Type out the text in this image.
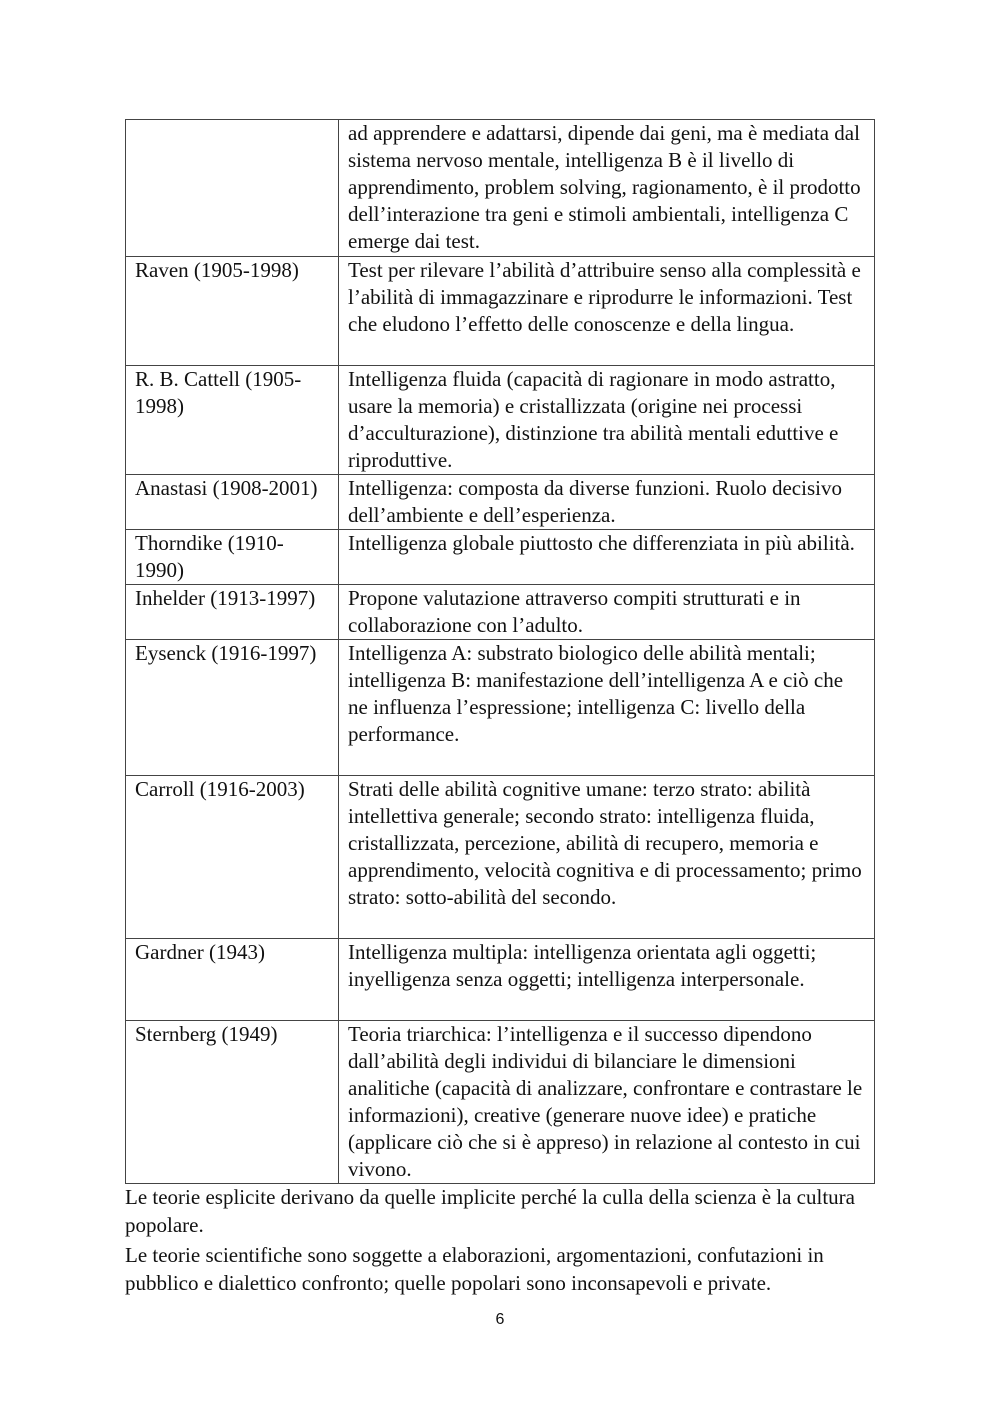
	ad apprendere e adattarsi, dipende dai geni, ma è mediata dal sistema nervoso mentale, intelligenza B è il livello di apprendimento, problem solving, ragionamento, è il prodotto dell’interazione tra geni e stimoli ambientali, intelligenza C emerge dai test.
Raven (1905-1998)	Test per rilevare l’abilità d’attribuire senso alla complessità e l’abilità di immagazzinare e riprodurre le informazioni. Test che eludono l’effetto delle conoscenze e della lingua.
R. B. Cattell (1905-1998)	Intelligenza fluida (capacità di ragionare in modo astratto, usare la memoria) e cristallizzata (origine nei processi d’acculturazione), distinzione tra abilità mentali eduttive e riproduttive.
Anastasi (1908-2001)	Intelligenza: composta da diverse funzioni. Ruolo decisivo dell’ambiente e dell’esperienza.
Thorndike (1910-1990)	Intelligenza globale piuttosto che differenziata in più abilità.
Inhelder (1913-1997)	Propone valutazione attraverso compiti strutturati e in collaborazione con l’adulto.
Eysenck (1916-1997)	Intelligenza A: substrato biologico delle abilità mentali; intelligenza B: manifestazione dell’intelligenza A e ciò che ne influenza l’espressione; intelligenza C: livello della performance.
Carroll (1916-2003)	Strati delle abilità cognitive umane: terzo strato: abilità intellettiva generale; secondo strato: intelligenza fluida, cristallizzata, percezione, abilità di recupero, memoria e apprendimento, velocità cognitiva e di processamento; primo strato: sotto-abilità del secondo.
Gardner (1943)	Intelligenza multipla: intelligenza orientata agli oggetti; inyelligenza senza oggetti; intelligenza interpersonale.
Sternberg (1949)	Teoria triarchica: l’intelligenza e il successo dipendono dall’abilità degli individui di bilanciare le dimensioni analitiche (capacità di analizzare, confrontare e contrastare le informazioni), creative (generare nuove idee) e pratiche (applicare ciò che si è appreso) in relazione al contesto in cui vivono.

Le teorie esplicite derivano da quelle implicite perché la culla della scienza è la cultura popolare.

Le teorie scientifiche sono soggette a elaborazioni, argomentazioni, confutazioni in pubblico e dialettico confronto; quelle popolari sono inconsapevoli e private.

6
